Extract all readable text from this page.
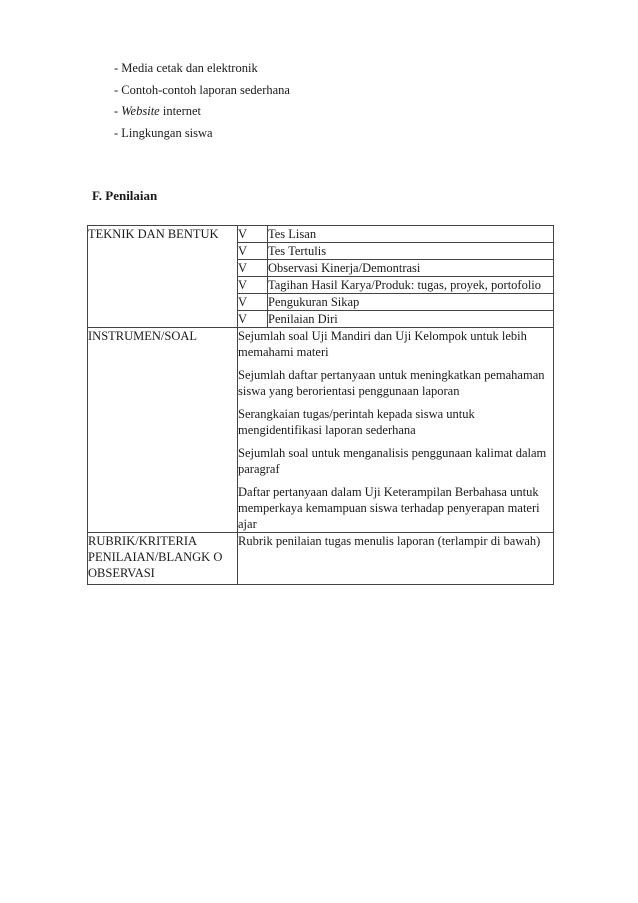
- Media cetak dan elektronik
- Contoh-contoh laporan sederhana
- Website internet
- Lingkungan siswa
F. Penilaian
TEKNIK DAN BENTUK	V	Tes Lisan
	V	Tes Tertulis
	V	Observasi Kinerja/Demontrasi
	V	Tagihan Hasil Karya/Produk: tugas, proyek, portofolio
	V	Pengukuran Sikap
	V	Penilaian Diri
INSTRUMEN/SOAL	Sejumlah soal Uji Mandiri dan Uji Kelompok untuk lebih memahami materi
Sejumlah daftar pertanyaan untuk meningkatkan pemahaman siswa yang berorientasi penggunaan laporan
Serangkaian tugas/perintah kepada siswa untuk mengidentifikasi laporan sederhana
Sejumlah soal untuk menganalisis penggunaan kalimat dalam paragraf
Daftar pertanyaan dalam Uji Keterampilan Berbahasa untuk memperkaya kemampuan siswa terhadap penyerapan materi ajar	

RUBRIK/KRITERIA PENILAIAN/BLANGK O OBSERVASI	Rubrik penilaian tugas menulis laporan (terlampir di bawah)	
